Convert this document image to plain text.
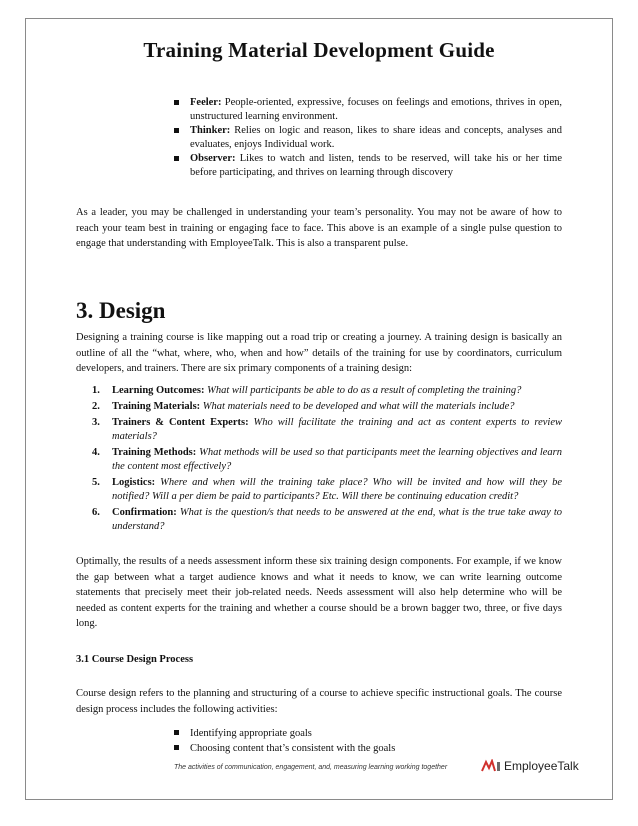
Training Material Development Guide
Feeler: People-oriented, expressive, focuses on feelings and emotions, thrives in open, unstructured learning environment.
Thinker: Relies on logic and reason, likes to share ideas and concepts, analyses and evaluates, enjoys Individual work.
Observer: Likes to watch and listen, tends to be reserved, will take his or her time before participating, and thrives on learning through discovery

As a leader, you may be challenged in understanding your team’s personality. You may not be aware of how to reach your team best in training or engaging face to face. This above is an example of a single pulse question to engage that understanding with EmployeeTalk. This is also a transparent pulse.

3. Design

Designing a training course is like mapping out a road trip or creating a journey. A training design is basically an outline of all the “what, where, who, when and how” details of the training for use by coordinators, curriculum developers, and trainers. There are six primary components of a training design:

1. Learning Outcomes: What will participants be able to do as a result of completing the training?
2. Training Materials: What materials need to be developed and what will the materials include?
3. Trainers & Content Experts: Who will facilitate the training and act as content experts to review materials?
4. Training Methods: What methods will be used so that participants meet the learning objectives and learn the content most effectively?
5. Logistics: Where and when will the training take place? Who will be invited and how will they be notified? Will a per diem be paid to participants? Etc. Will there be continuing education credit?
6. Confirmation: What is the question/s that needs to be answered at the end, what is the true take away to understand?

Optimally, the results of a needs assessment inform these six training design components. For example, if we know the gap between what a target audience knows and what it needs to know, we can write learning outcome statements that precisely meet their job-related needs. Needs assessment will also help determine who will be needed as content experts for the training and whether a course should be a brown bagger two, three, or five days long.

3.1 Course Design Process

Course design refers to the planning and structuring of a course to achieve specific instructional goals. The course design process includes the following activities:

Identifying appropriate goals
Choosing content that’s consistent with the goals
The activities of communication, engagement, and, measuring learning working together	EmployeeTalk
